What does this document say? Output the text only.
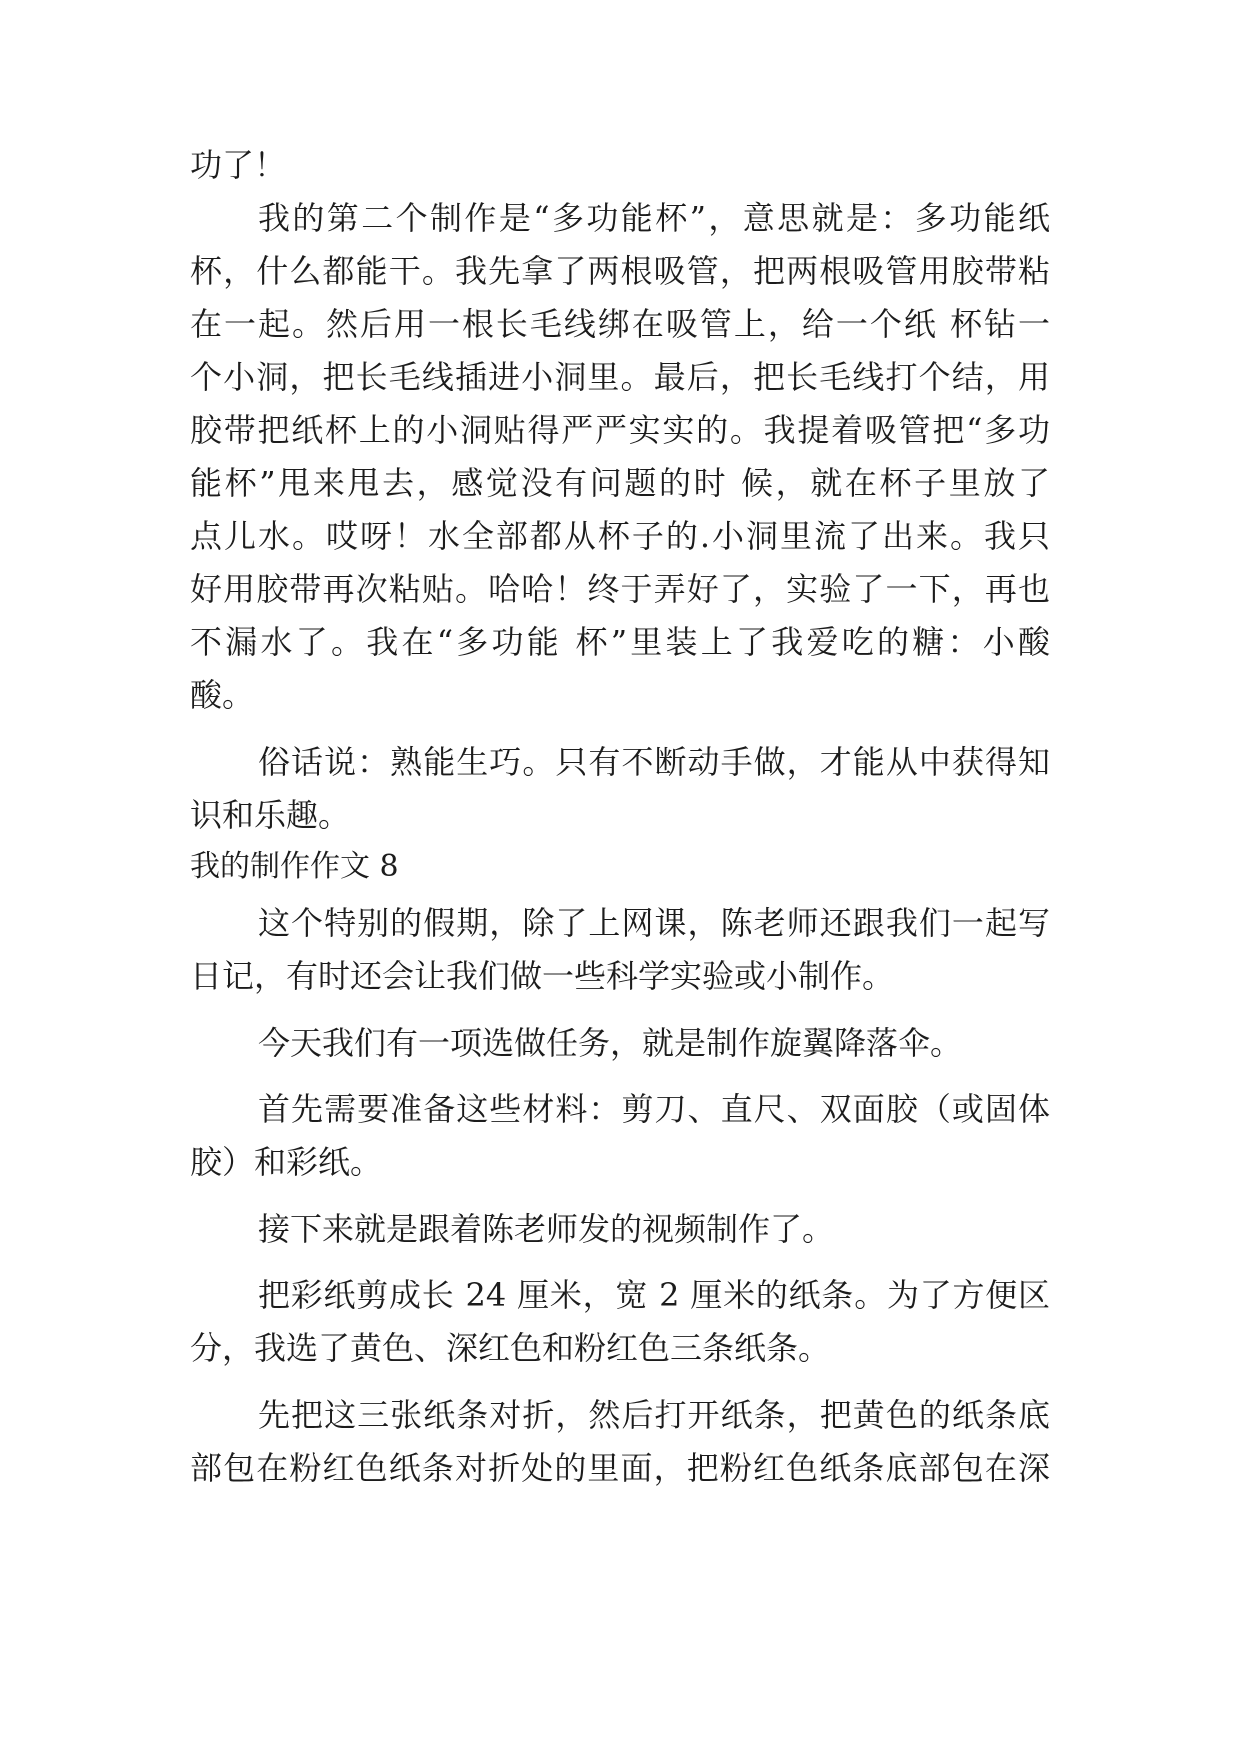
功了！
我的第二个制作是“多功能杯”，意思就是：多功能纸
杯，什么都能干。我先拿了两根吸管，把两根吸管用胶带粘
在一起。然后用一根长毛线绑在吸管上，给一个纸 杯钻一
个小洞，把长毛线插进小洞里。最后，把长毛线打个结，用
胶带把纸杯上的小洞贴得严严实实的。我提着吸管把“多功
能杯”甩来甩去，感觉没有问题的时 候，就在杯子里放了
点儿水。哎呀！水全部都从杯子的.小洞里流了出来。我只
好用胶带再次粘贴。哈哈！终于弄好了，实验了一下，再也
不漏水了。我在“多功能 杯”里装上了我爱吃的糖：小酸
酸。
俗话说：熟能生巧。只有不断动手做，才能从中获得知
识和乐趣。
我的制作作文 8
这个特别的假期，除了上网课，陈老师还跟我们一起写
日记，有时还会让我们做一些科学实验或小制作。
今天我们有一项选做任务，就是制作旋翼降落伞。
首先需要准备这些材料：剪刀、直尺、双面胶（或固体
胶）和彩纸。
接下来就是跟着陈老师发的视频制作了。
把彩纸剪成长 24 厘米，宽 2 厘米的纸条。为了方便区
分，我选了黄色、深红色和粉红色三条纸条。
先把这三张纸条对折，然后打开纸条，把黄色的纸条底
部包在粉红色纸条对折处的里面，把粉红色纸条底部包在深
